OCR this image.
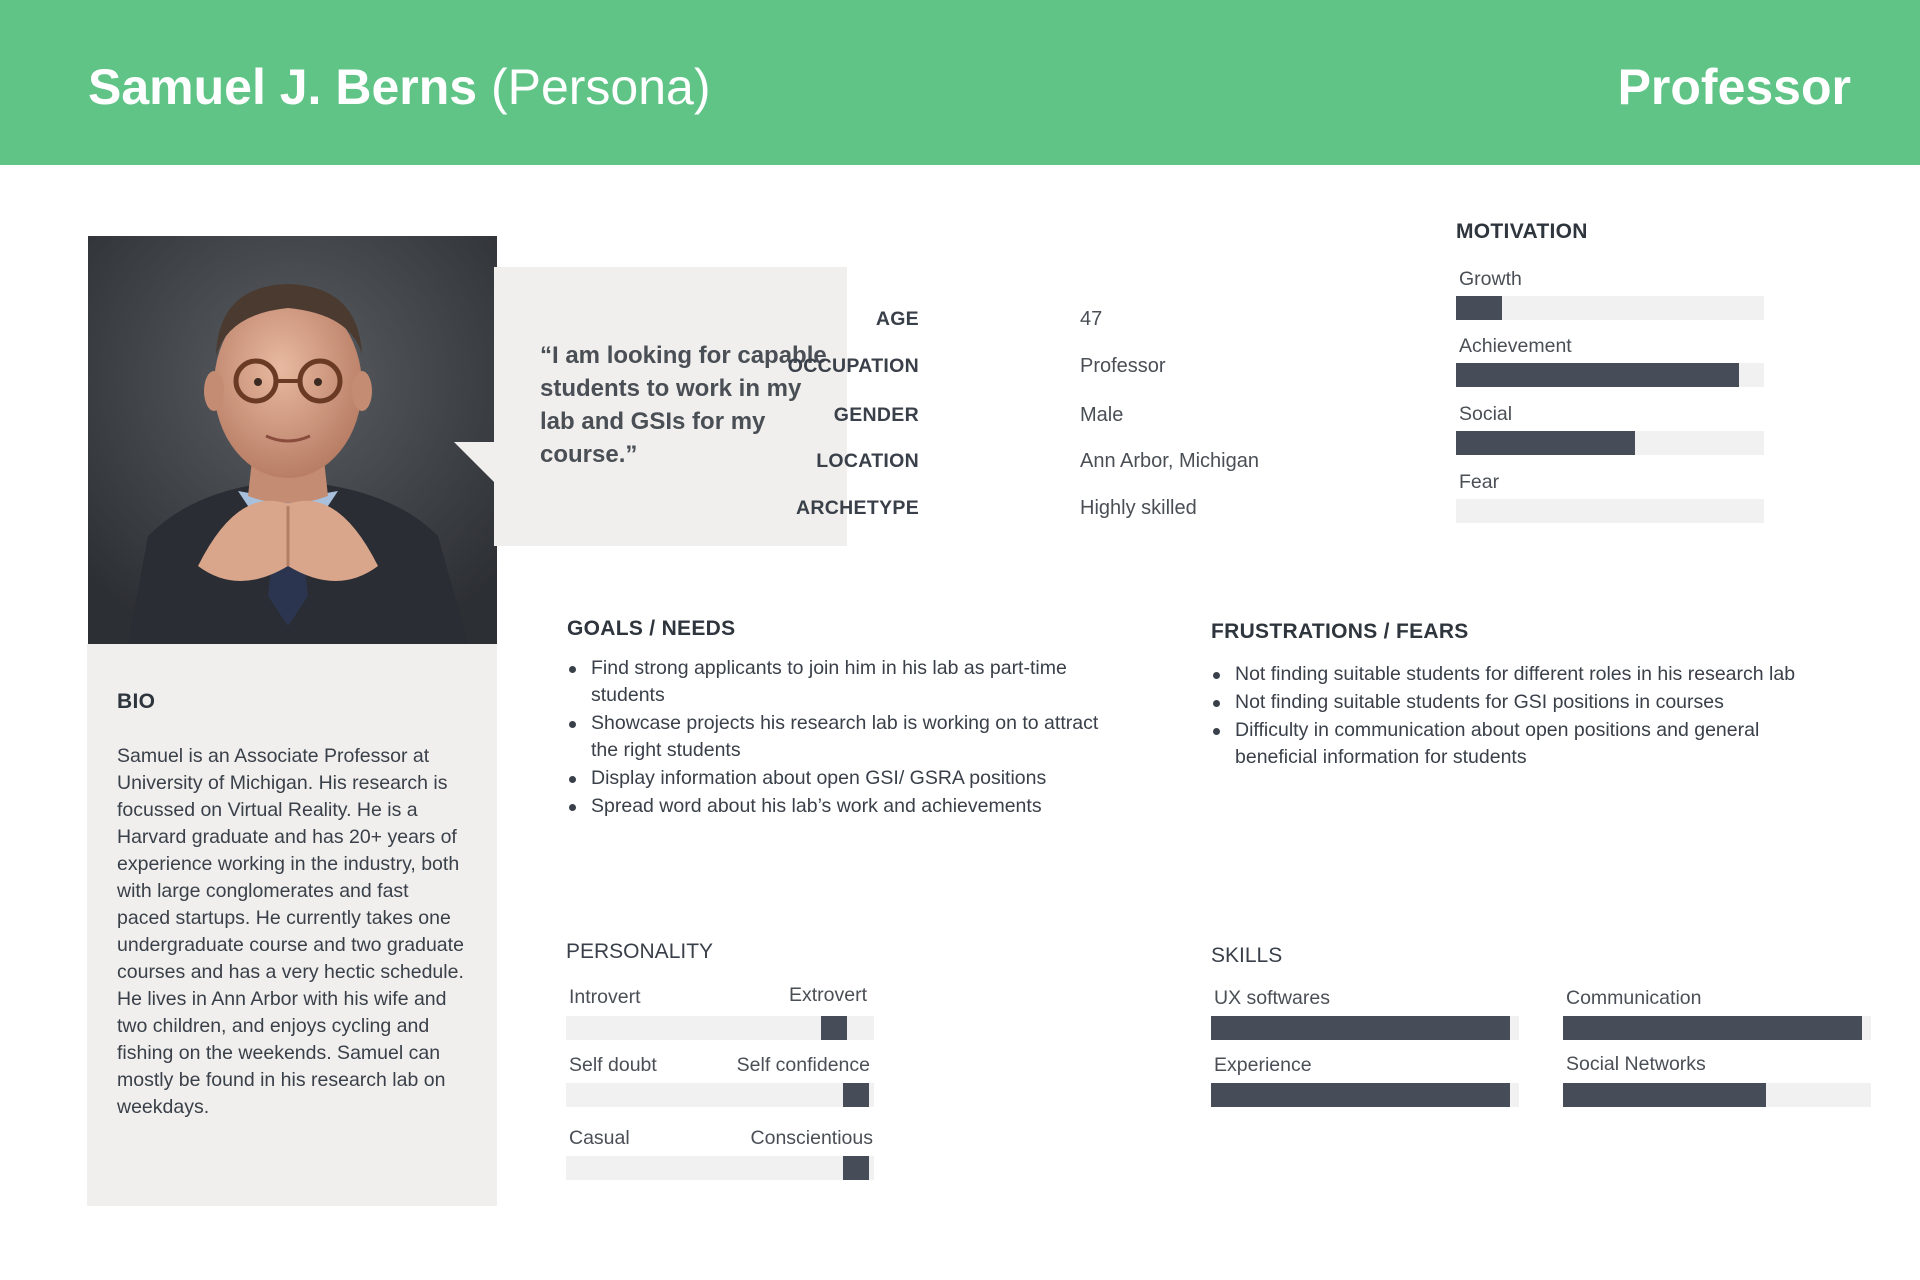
Samuel J. Berns (Persona)	Professor
BIO

Samuel is an Associate Professor at University of Michigan. His research is focussed on Virtual Reality. He is a Harvard graduate and has 20+ years of experience working in the industry, both with large conglomerates and fast paced startups. He currently takes one undergraduate course and two graduate courses and has a very hectic schedule. He lives in Ann Arbor with his wife and two children, and enjoys cycling and fishing on the weekends. Samuel can mostly be found in his research lab on weekdays.

“I am looking for capable students to work in my lab and GSIs for my course.”
AGE	47
OCCUPATION	Professor
GENDER	Male
LOCATION	Ann Arbor, Michigan
ARCHETYPE	Highly skilled
MOTIVATION
Growth
Achievement
Social
Fear
GOALS / NEEDS
Find strong applicants to join him in his lab as part-time students
Showcase projects his research lab is working on to attract the right students
Display information about open GSI/ GSRA positions
Spread word about his lab’s work and achievements
FRUSTRATIONS / FEARS
Not finding suitable students for different roles in his research lab
Not finding suitable students for GSI positions in courses
Difficulty in communication about open positions and general beneficial information for students
PERSONALITY
Introvert	Extrovert
Self doubt	Self confidence
Casual	Conscientious
SKILLS
UX softwares	Communication
Experience	Social Networks
